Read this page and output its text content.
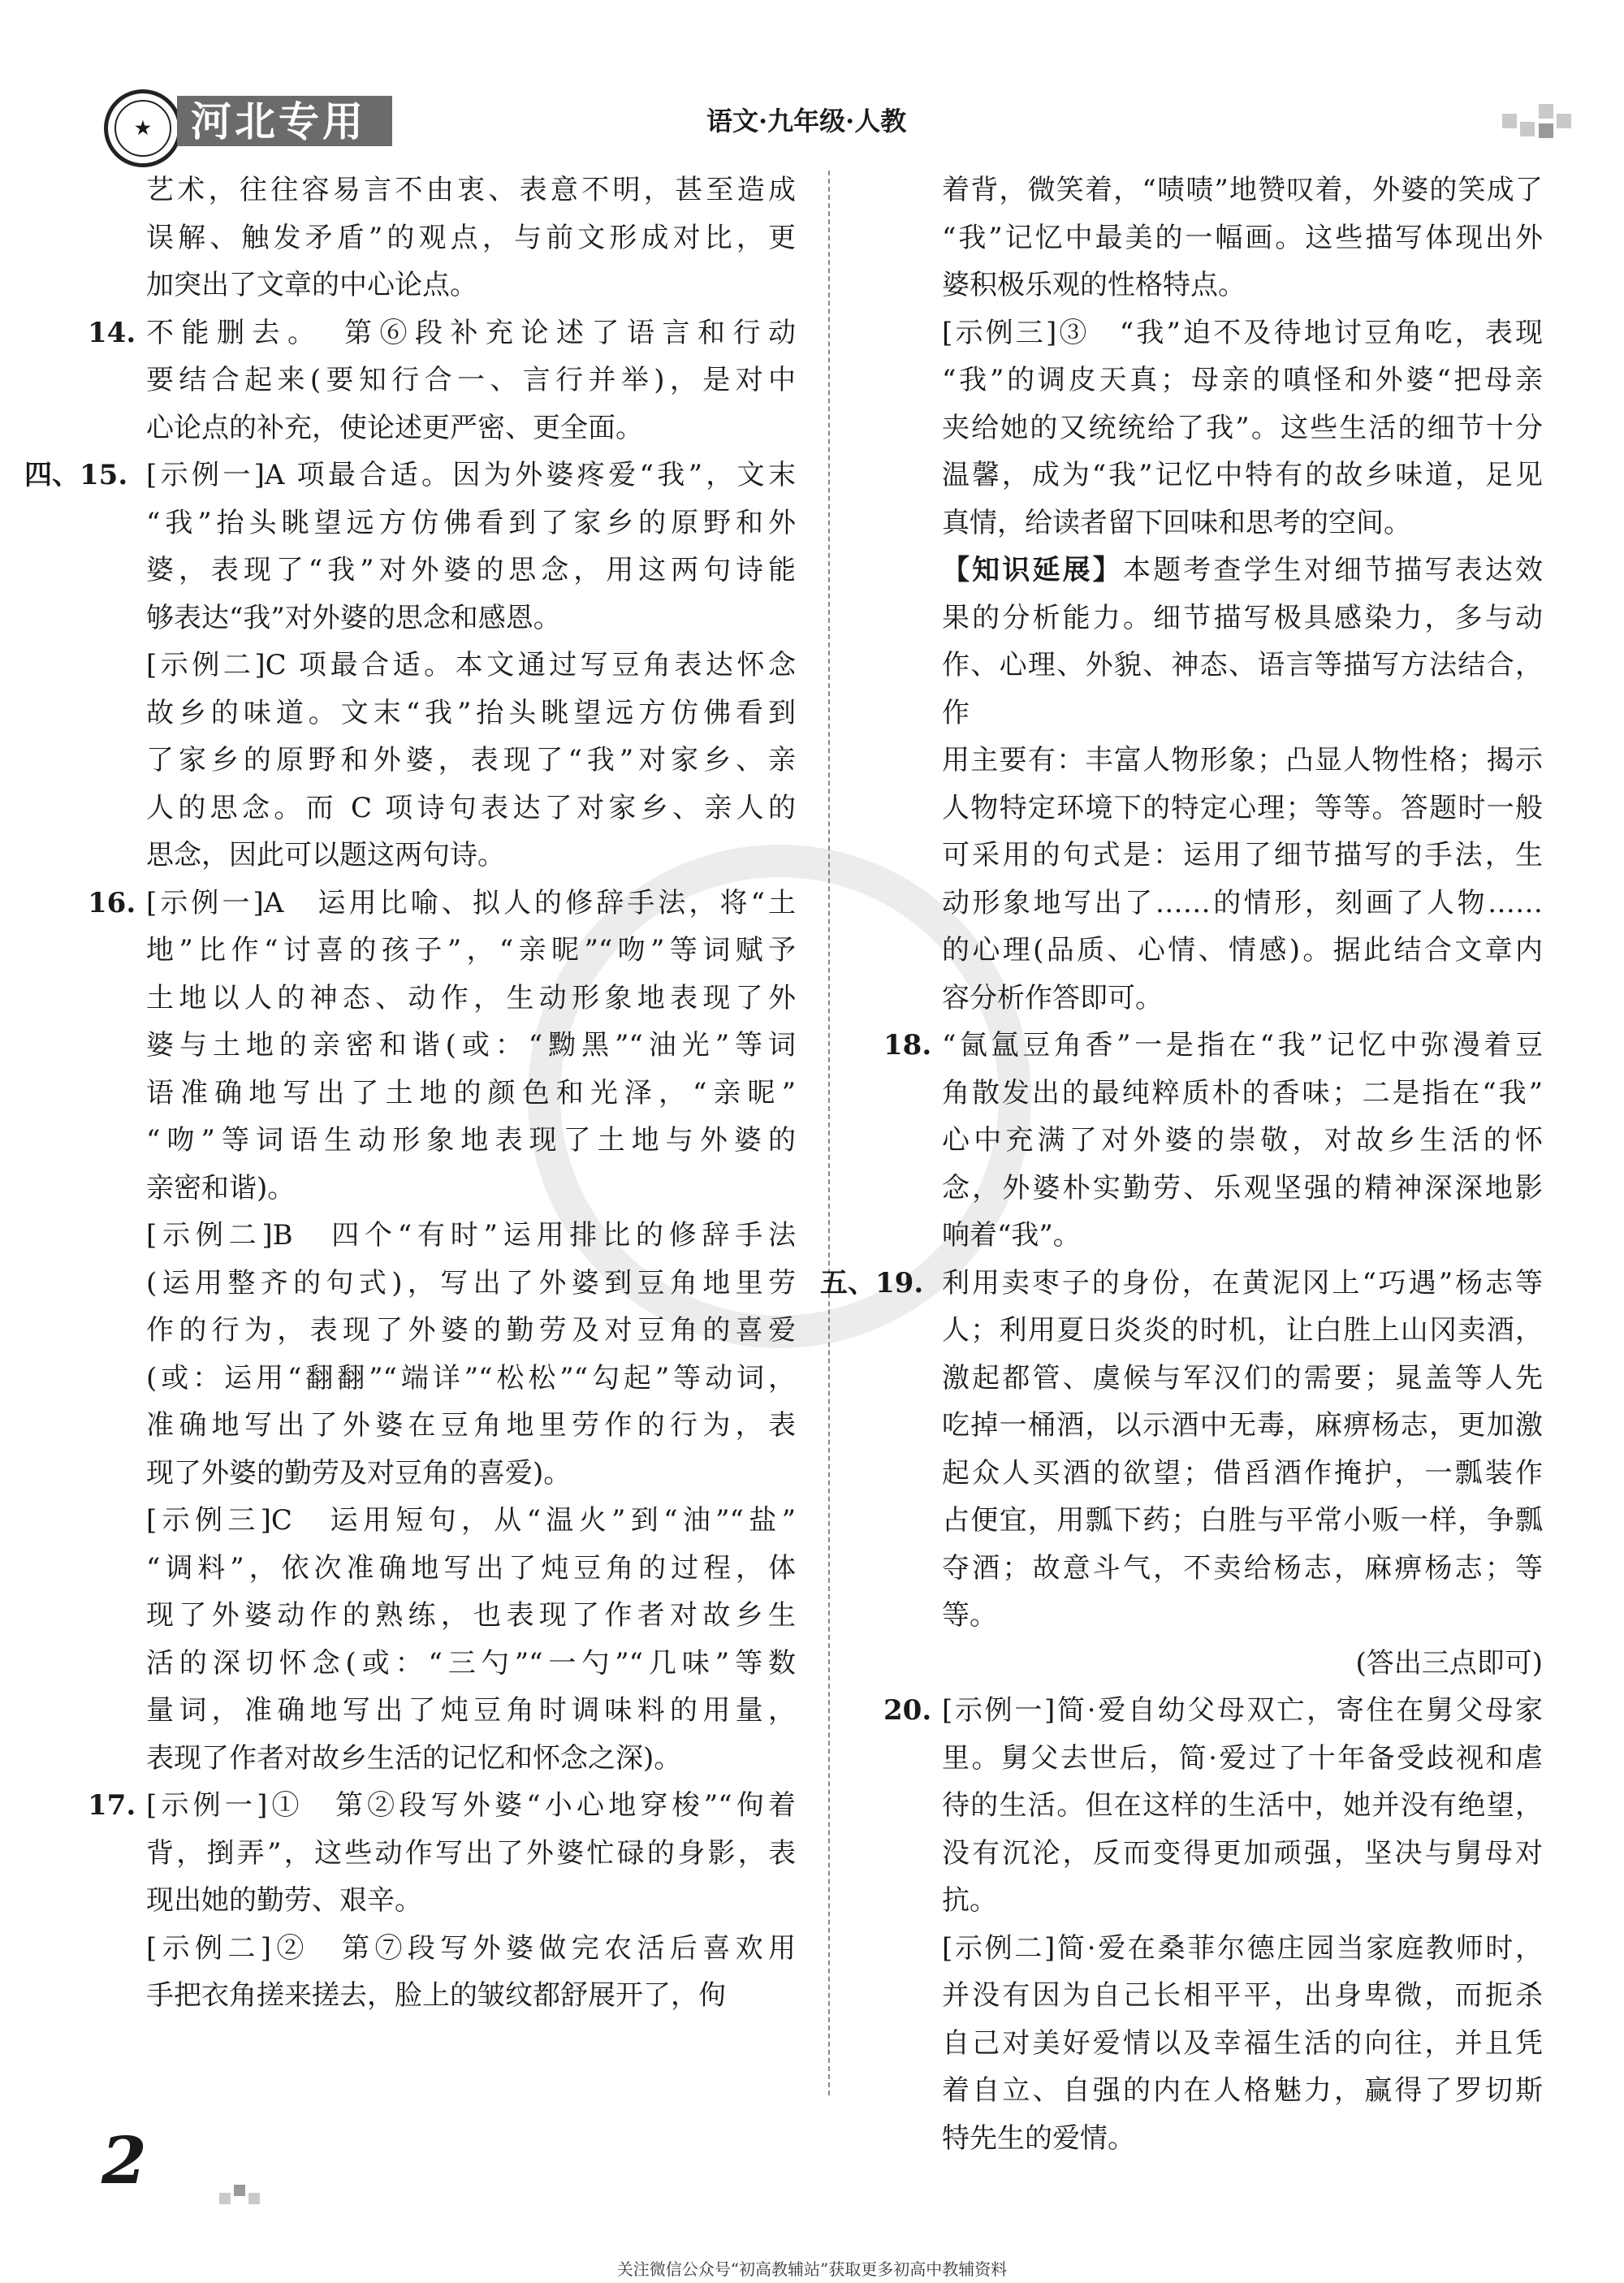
★ 河北专用	语文·九年级·人教
艺术，往往容易言不由衷、表意不明，甚至造成
误解、触发矛盾”的观点，与前文形成对比，更
加突出了文章的中心论点。
14. 不能删去。　第⑥段补充论述了语言和行动
要结合起来(要知行合一、言行并举)，是对中
心论点的补充，使论述更严密、更全面。
四、15. [示例一]A 项最合适。因为外婆疼爱“我”，文末
“我”抬头眺望远方仿佛看到了家乡的原野和外
婆，表现了“我”对外婆的思念，用这两句诗能
够表达“我”对外婆的思念和感恩。
[示例二]C 项最合适。本文通过写豆角表达怀念
故乡的味道。文末“我”抬头眺望远方仿佛看到
了家乡的原野和外婆，表现了“我”对家乡、亲
人的思念。而 C 项诗句表达了对家乡、亲人的
思念，因此可以题这两句诗。
16. [示例一]A　运用比喻、拟人的修辞手法，将“土
地”比作“讨喜的孩子”，“亲昵”“吻”等词赋予
土地以人的神态、动作，生动形象地表现了外
婆与土地的亲密和谐(或：“黝黑”“油光”等词
语准确地写出了土地的颜色和光泽，“亲昵”
“吻”等词语生动形象地表现了土地与外婆的
亲密和谐)。
[示例二]B　四个“有时”运用排比的修辞手法
(运用整齐的句式)，写出了外婆到豆角地里劳
作的行为，表现了外婆的勤劳及对豆角的喜爱
(或：运用“翻翻”“端详”“松松”“勾起”等动词，
准确地写出了外婆在豆角地里劳作的行为，表
现了外婆的勤劳及对豆角的喜爱)。
[示例三]C　运用短句，从“温火”到“油”“盐”
“调料”，依次准确地写出了炖豆角的过程，体
现了外婆动作的熟练，也表现了作者对故乡生
活的深切怀念(或：“三勺”“一勺”“几味”等数
量词，准确地写出了炖豆角时调味料的用量，
表现了作者对故乡生活的记忆和怀念之深)。
17. [示例一]①　第②段写外婆“小心地穿梭”“佝着
背，捯弄”，这些动作写出了外婆忙碌的身影，表
现出她的勤劳、艰辛。
[示例二]②　第⑦段写外婆做完农活后喜欢用
手把衣角搓来搓去，脸上的皱纹都舒展开了，佝
着背，微笑着，“啧啧”地赞叹着，外婆的笑成了
“我”记忆中最美的一幅画。这些描写体现出外
婆积极乐观的性格特点。
[示例三]③　“我”迫不及待地讨豆角吃，表现
“我”的调皮天真；母亲的嗔怪和外婆“把母亲
夹给她的又统统给了我”。这些生活的细节十分
温馨，成为“我”记忆中特有的故乡味道，足见
真情，给读者留下回味和思考的空间。
【知识延展】本题考查学生对细节描写表达效
果的分析能力。细节描写极具感染力，多与动
作、心理、外貌、神态、语言等描写方法结合，作
用主要有：丰富人物形象；凸显人物性格；揭示
人物特定环境下的特定心理；等等。答题时一般
可采用的句式是：运用了细节描写的手法，生
动形象地写出了……的情形，刻画了人物……
的心理(品质、心情、情感)。据此结合文章内
容分析作答即可。
18. “氤氲豆角香”一是指在“我”记忆中弥漫着豆
角散发出的最纯粹质朴的香味；二是指在“我”
心中充满了对外婆的崇敬，对故乡生活的怀
念，外婆朴实勤劳、乐观坚强的精神深深地影
响着“我”。
五、19. 利用卖枣子的身份，在黄泥冈上“巧遇”杨志等
人；利用夏日炎炎的时机，让白胜上山冈卖酒，
激起都管、虞候与军汉们的需要；晁盖等人先
吃掉一桶酒，以示酒中无毒，麻痹杨志，更加激
起众人买酒的欲望；借舀酒作掩护，一瓢装作
占便宜，用瓢下药；白胜与平常小贩一样，争瓢
夺酒；故意斗气，不卖给杨志，麻痹杨志；等等。
(答出三点即可)
20. [示例一]简·爱自幼父母双亡，寄住在舅父母家
里。舅父去世后，简·爱过了十年备受歧视和虐
待的生活。但在这样的生活中，她并没有绝望，
没有沉沦，反而变得更加顽强，坚决与舅母对抗。
[示例二]简·爱在桑菲尔德庄园当家庭教师时，
并没有因为自己长相平平，出身卑微，而扼杀
自己对美好爱情以及幸福生活的向往，并且凭
着自立、自强的内在人格魅力，赢得了罗切斯
特先生的爱情。
2
关注微信公众号“初高教辅站”获取更多初高中教辅资料
